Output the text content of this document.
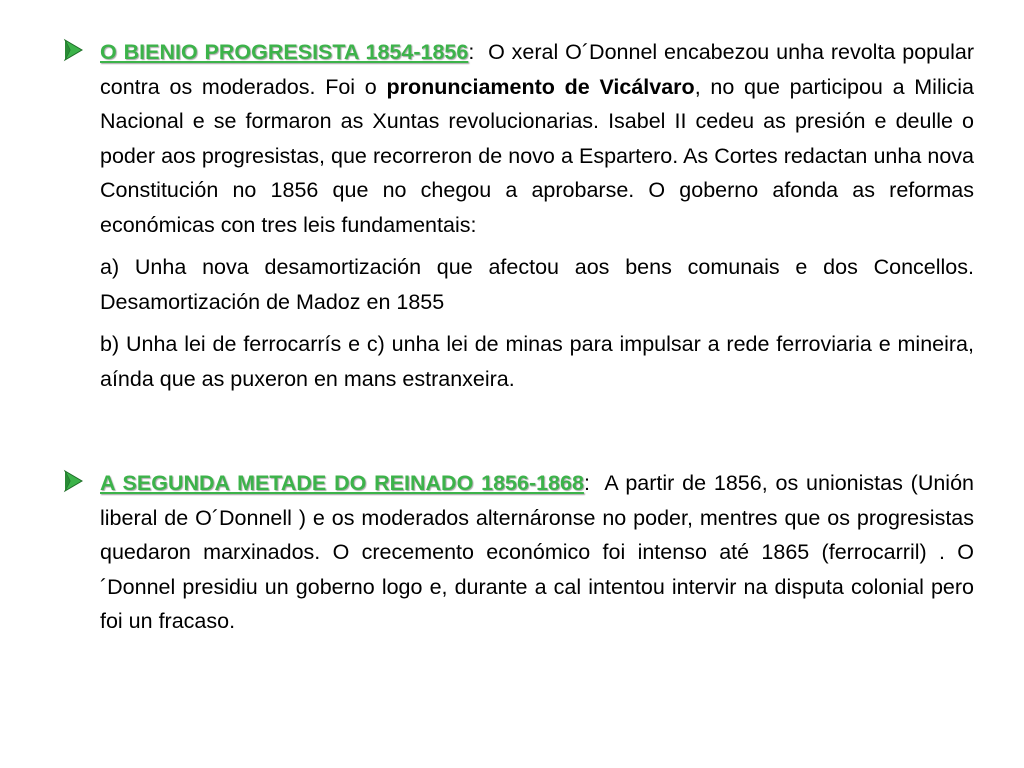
O BIENIO PROGRESISTA 1854-1856:  O xeral O´Donnel encabezou unha revolta popular contra os moderados. Foi o pronunciamento de Vicálvaro, no que participou a Milicia Nacional e se formaron as Xuntas revolucionarias. Isabel II cedeu as presión e deulle o poder aos progresistas, que recorreron de novo a Espartero. As Cortes redactan unha nova Constitución no 1856 que no chegou a aprobarse. O goberno afonda as reformas económicas con tres leis fundamentais:

a) Unha nova desamortización que afectou aos bens comunais e dos Concellos. Desamortización de Madoz en 1855

b) Unha lei de ferrocarrís e c) unha lei de minas para impulsar a rede ferroviaria e mineira, aínda que as puxeron en mans estranxeira.

A SEGUNDA METADE DO REINADO 1856-1868:  A partir de 1856, os unionistas (Unión liberal de O´Donnell ) e os moderados alternáronse no poder, mentres que os progresistas quedaron marxinados. O crecemento económico foi intenso até 1865 (ferrocarril) . O´Donnel presidiu un goberno logo e, durante a cal intentou intervir na disputa colonial pero foi un fracaso.
